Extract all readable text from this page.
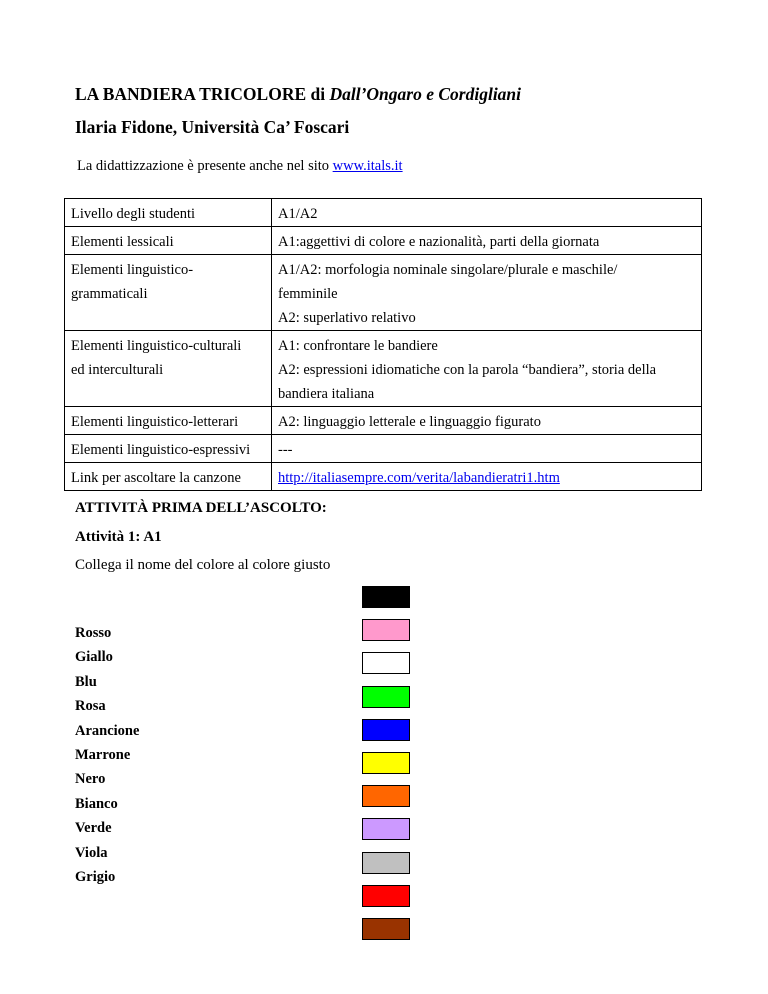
LA BANDIERA TRICOLORE di Dall’Ongaro e Cordigliani
Ilaria Fidone, Università Ca’ Foscari
La didattizzazione è presente anche nel sito www.itals.it
Livello degli studenti	A1/A2

Elementi lessicali	A1:aggettivi di colore e nazionalità, parti della giornata

Elementi linguistico-
grammaticali	A1/A2: morfologia nominale singolare/plurale e maschile/
femminile
A2: superlativo relativo

Elementi linguistico-culturali
ed interculturali	A1: confrontare le bandiere
A2: espressioni idiomatiche con la parola “bandiera”, storia della
bandiera italiana

Elementi linguistico-letterari	A2: linguaggio letterale e linguaggio figurato

Elementi linguistico-espressivi	---

Link per ascoltare la canzone	http://italiasempre.com/verita/labandieratri1.htm
ATTIVITÀ PRIMA DELL’ASCOLTO:
Attività 1: A1
Collega il nome del colore al colore giusto
Rosso
Giallo
Blu
Rosa
Arancione
Marrone
Nero
Bianco
Verde
Viola
Grigio
